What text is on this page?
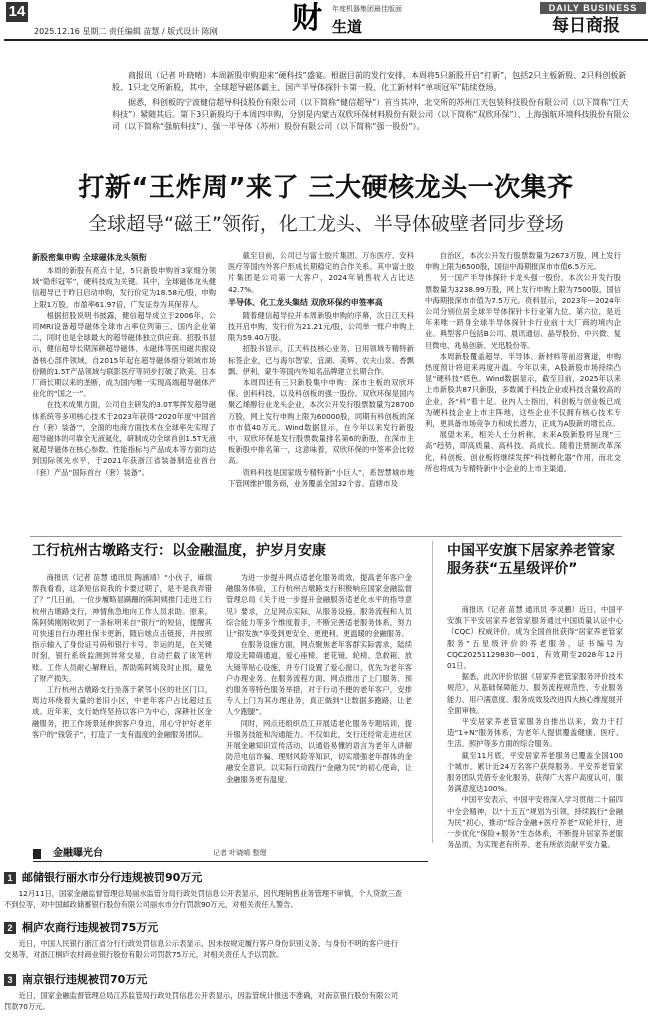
14
2025.12.16 星期二 责任编辑 苗慧 / 版式设计 陈刚 财 年度机器集团最佳版面
生道
DAILY BUSINESS
每日商报

商报讯（记者 叶晓晴）本周新股申购迎来“硬科技”盛宴。根据目前的发行安排，本周将5只新股开启“打新”，包括2只主板新股、2只科创板新股、1只北交所新股，其中，全球超导磁体霸主、国产半导体探针卡第一股、化工新材料“单项冠军”陆续登场。

据悉，科创板的宁波健信超导科技股份有限公司（以下简称“健信超导”）首当其冲，北交所的苏州江天包装科技股份有限公司（以下简称“江天科技”）紧随其后。第下3只新股均于本周四申购，分别是内蒙古双欣环保材料股份有限公司（以下简称“双欣环保”）、上海强航环境科技股份有限公司（以下简称“强航科技”）、强一半导体（苏州）股份有限公司（以下简称“强一股份”）。

打新“王炸周”来了 三大硬核龙头一次集齐
全球超导“磁王”领衔，化工龙头、半导体破壁者同步登场
新股密集申购 全球磁体龙头领衔

本周的新股有亮点十足，5只新股申购首3家细分领域“隐形冠军”，硬科技成为关键。其中，全球磁体龙头健信超导已于昨日启动申购，发行价定为18.58元/股，申购上限1万股，市盈率61.97倍，广发证券为其保荐人。

根据招股说明书披露，健信超导成立于2006年，公司MRI设备超导磁体全球市占率位列第三，国内企业第二，同时也是全球最大的超导磁体独立供应商。招股书显示，健信超导长期深耕超导磁体、永磁体等医用磁共振设备核心部件领域，自2015年起在超导磁体细分领域市场份额的1.5T产品领域与联影医疗等同步打破了欧美、日本厂商长期以来的垄断，成为国内唯一实现高端超导磁体产业化的“国之一”。

在技术成果方面，公司自主研发的3.0T零挥发超导磁体系统等多项核心技术于2023年获得“2020年度‘中国首台（套）装备’”，全面的电商方面技术在全球率先实现了超导磁体的可靠全无液氦化，研制成功全球首创1.5T无液氦超导磁体在核心参数、性能指标与产品成本等方面均达到国际领先水平，于2021年获浙江省装备制造业首台（套）产品“国际首台（套）装备”。

截至目前，公司已与富士胶片集团、万东医疗、安科医疗等国内外客户形成长期稳定的合作关系。其中富士胶片集团是公司第一大客户，2024年销售收入占比达42.7%。

半导体、化工龙头集结 双欣环保约申签率高

随着健信超导拉开本周新股申购的序幕，次日江天科技开启申购，发行价为21.21元/股，公司单一账户申购上限为59.40万股。

招股书显示，江天科技核心业务，日用领域专精特新标签企业，已与海尔智家、宜湖、美辉、农夫山泉、香飘飘、伊利、蒙牛等国内外知名品牌建立长期合作。

本周四还有三只新股集中申购：深市主板的双欣环保、创科科技，以及科创板的强一股份。双欣环保是国内聚乙烯醇行业龙头企业，本次公开发行股票数量为28700万股，网上发行申购上限为60000股，同期有科创板的深市市值40万元。Wind数据显示，在今年以来发行新股中，双欣环保是发行股票数量排名第6的新股，在深市主板新股中排名第一，这意味着，双欣环保的中签率会比较高。

资料科技是国家级专精特新“小巨人”，系智慧城市地下管网维护服务商，业务覆盖全国32个省、直辖市及

自治区，本次公开发行股票数量为2673万股，网上发行申购上限为6500股，国信中海期报深市市值6.5万元。

另一国产半导体探针卡龙头强一股份，本次公开发行股票数量为3238.99万股，网上发行申购上限为7500股，国信中海期报深市市值为7.5万元。资料显示，2023年—2024年公司分别位居全球半导体探针卡行业第九位、第六位，是近年来唯一跻身全球半导体探针卡行业前十大厂商的境内企业。典型客户包括B公司、晨讯通信、晶导股份、中兴微、复旦微电、兆易创新、光迅股份等。

本周新股覆盖超导、半导体、新材料等前沿赛道，申购热度预计将迎来再度升温。今年以来，A股新股市场持续凸显“硬科技”底色。Wind数据显示，截至目前，2025年以来上市新股共87只新股，多数属于科技企业或科技含量较高的企业，各“科”着十足。业内人士指出，科创板与创业板已成为硬科技企业上市主阵地，这些企业不仅拥有核心技术专利，更具备市场竞争力和成长潜力，正成为A股新的增长点。

展望未来，相关人士分析称，未来A股新股将呈现“三高”趋势，即高质量、高科技、高成长。随着注册制改革深化，科创板、创业板将继续发挥“科技孵化器”作用，而北交所也将成为专精特新中小企业的上市主渠道。

工行杭州古墩路支行：以金融温度，护岁月安康

商报讯（记者 苗慧 通讯员 陶涵靖）“小伙子，麻烦帮我看看，这条短信说我的卡要过期了，是不是我弄错了？”几日前，一位步履略显蹒跚的陈阿姨推门走进工行杭州古墩路支行，神情焦急地向工作人员求助。原来，陈阿姨刚刚收到了一条标明来自“银行”的短信，提醒其可快速自行办理社保卡更新，随后她点击链接，并按照指示输入了身份证号码和银行卡号。幸运的是，在关键时刻，银行系统监测到异常交易，自动拦截了该笔转账。工作人员耐心解释后，帮助陈阿姨及时止损，避免了财产损失。

工行杭州古墩路支行坐落于紧邻小区的社区门口，周边环绕着大量的老旧小区，中老年客户占比超过五成。近年来，支行始终坚持以客户为中心，深耕社区金融服务，把工作场景延伸到客户身边，用心守护好老年客户的“钱袋子”，打造了一支有温度的金融服务团队。

为进一步提升网点适老化服务质效，提高老年客户金融服务体验，工行杭州古墩路支行积极响应国家金融监督管理总局《关于进一步提升金融服务适老化水平的指导意见》要求，立足网点实际，从服务设施、服务流程和人员综合能力等多个维度着手，不断完善适老服务体系，努力让“银发族”享受到更安全、更便利、更温暖的金融服务。

在服务设施方面，网点聚焦老年客群实际需求，陆续增设无障碍通道、爱心座椅、老花镜、轮椅、急救箱、放大镜等贴心设施，并专门设置了爱心窗口，优先为老年客户办理业务。在服务流程方面，网点推出了上门服务、预约服务等特色服务举措，对于行动不便的老年客户，安排专人上门为其办理业务，真正做到“让数据多跑路，让老人少跑腿”。

同时，网点还组织员工开展适老化服务专题培训，提升服务技能和沟通能力。不仅如此，支行还经常走进社区开展金融知识宣传活动，以通俗易懂的语言为老年人讲解防范电信诈骗、理财风险等知识，切实增强老年群体的金融安全意识。以实际行动践行“金融为民”的初心使命，让金融服务更有温度。

中国平安旗下居家养老管家服务获“五星级评价”

商报讯（记者 苗慧 通讯员 李灵鹏）近日，中国平安旗下平安居家养老管家服务通过中国质量认证中心（CQC）权威评价，成为全国首批获得“居家养老管家服务”五星级评价的养老服务，证书编号为CQC20251129830—001，有效期至2028年12月01日。

据悉，此次评价依据《居家养老管家服务评价技术规范》，从基础保障能力、服务流程规范性、专业服务能力、用户满意度、服务成效及改进四大核心维度展开全面审核。

平安居家养老管家服务自推出以来，致力于打造“1+N”服务体系，为老年人提供覆盖健康、医疗、生活、照护等多方面的综合服务。

截至11月底，平安居家养老服务已覆盖全国100个城市，累计近24万名客户获得服务。平安养老管家服务团队凭借专业化服务，获得广大客户高度认可，服务满意度达100%。

中国平安表示，中国平安将深入学习贯彻二十届四中全会精神，以“十五五”规划为引领，持续践行“金融为民”初心，推动“综合金融+医疗养老”双轮并行，进一步优化“保险+服务”生态体系，不断提升居家养老服务品质，为实现老有所养、老有所依贡献平安力量。

金融曝光台	记者 叶晓晴 整理
1 邮储银行丽水市分行违规被罚90万元
12月11日，国家金融监督管理总局丽水监管分局行政处罚信息公开表显示，因代理销售业务管理不审慎，个人贷款三查不到位等，对中国邮政储蓄银行股份有限公司丽水市分行罚款90万元，对相关责任人警告。
2 桐庐农商行违规被罚75万元
近日，中国人民银行浙江省分行行政处罚信息公示表显示，因未按规定履行客户身份识别义务、与身份不明的客户进行交易等，对浙江桐庐农村商业银行股份有限公司罚款75万元，对相关责任人予以罚款。
3 南京银行违规被罚70万元
近日，国家金融监督管理总局江苏监管局行政处罚信息公开表显示，因监管统计报送不准确，对南京银行股份有限公司罚款70万元。
